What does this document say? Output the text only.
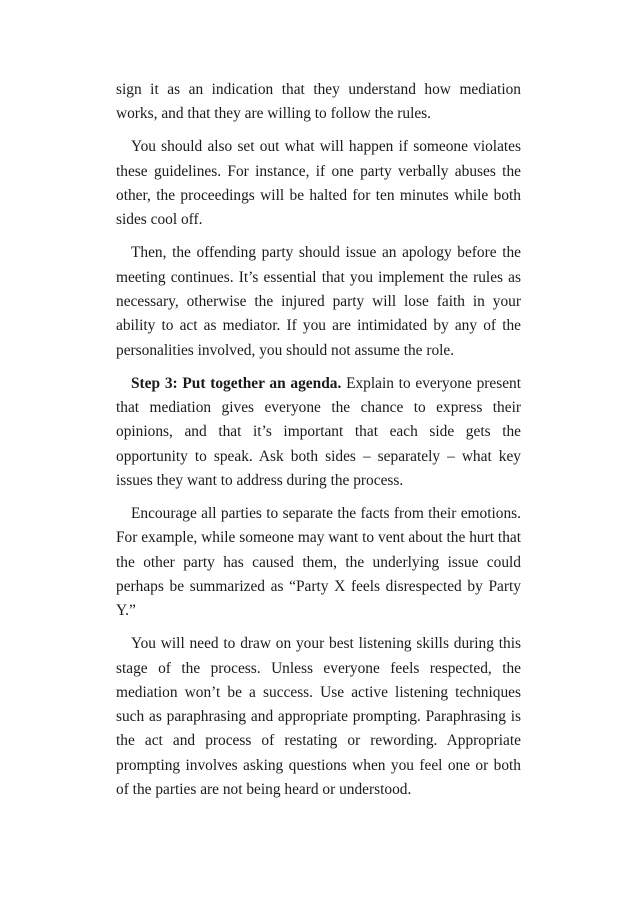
sign it as an indication that they understand how mediation works, and that they are willing to follow the rules.

You should also set out what will happen if someone violates these guidelines. For instance, if one party verbally abuses the other, the proceedings will be halted for ten minutes while both sides cool off.

Then, the offending party should issue an apology before the meeting continues. It’s essential that you implement the rules as necessary, otherwise the injured party will lose faith in your ability to act as mediator. If you are intimidated by any of the personalities involved, you should not assume the role.

Step 3: Put together an agenda. Explain to everyone present that mediation gives everyone the chance to express their opinions, and that it’s important that each side gets the opportunity to speak. Ask both sides – separately – what key issues they want to address during the process.

Encourage all parties to separate the facts from their emotions. For example, while someone may want to vent about the hurt that the other party has caused them, the underlying issue could perhaps be summarized as “Party X feels disrespected by Party Y.”

You will need to draw on your best listening skills during this stage of the process. Unless everyone feels respected, the mediation won’t be a success. Use active listening techniques such as paraphrasing and appropriate prompting. Paraphrasing is the act and process of restating or rewording. Appropriate prompting involves asking questions when you feel one or both of the parties are not being heard or understood.
